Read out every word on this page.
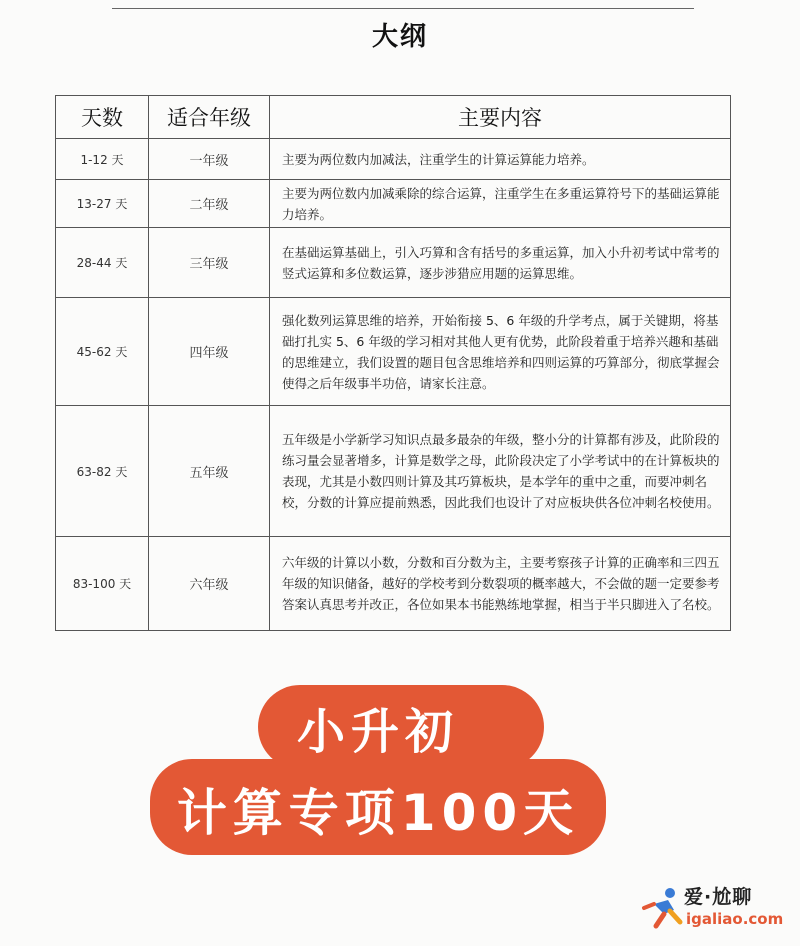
大纲
天数	适合年级	主要内容
1-12 天	一年级	主要为两位数内加减法，注重学生的计算运算能力培养。
13-27 天	二年级	主要为两位数内加减乘除的综合运算，注重学生在多重运算符号下的基础运算能力培养。
28-44 天	三年级	在基础运算基础上，引入巧算和含有括号的多重运算，加入小升初考试中常考的竖式运算和多位数运算，逐步涉猎应用题的运算思维。
45-62 天	四年级	强化数列运算思维的培养，开始衔接 5、6 年级的升学考点，属于关键期，将基础打扎实 5、6 年级的学习相对其他人更有优势，此阶段着重于培养兴趣和基础的思维建立，我们设置的题目包含思维培养和四则运算的巧算部分，彻底掌握会使得之后年级事半功倍，请家长注意。
63-82 天	五年级	五年级是小学新学习知识点最多最杂的年级，整小分的计算都有涉及，此阶段的练习量会显著增多，计算是数学之母，此阶段决定了小学考试中的在计算板块的表现，尤其是小数四则计算及其巧算板块，是本学年的重中之重，而要冲刺名校，分数的计算应提前熟悉，因此我们也设计了对应板块供各位冲刺名校使用。
83-100 天	六年级	六年级的计算以小数，分数和百分数为主，主要考察孩子计算的正确率和三四五年级的知识储备，越好的学校考到分数裂项的概率越大，不会做的题一定要参考答案认真思考并改正，各位如果本书能熟练地掌握，相当于半只脚进入了名校。
小升初
计算专项100天
爱·尬聊
igaliao.com
